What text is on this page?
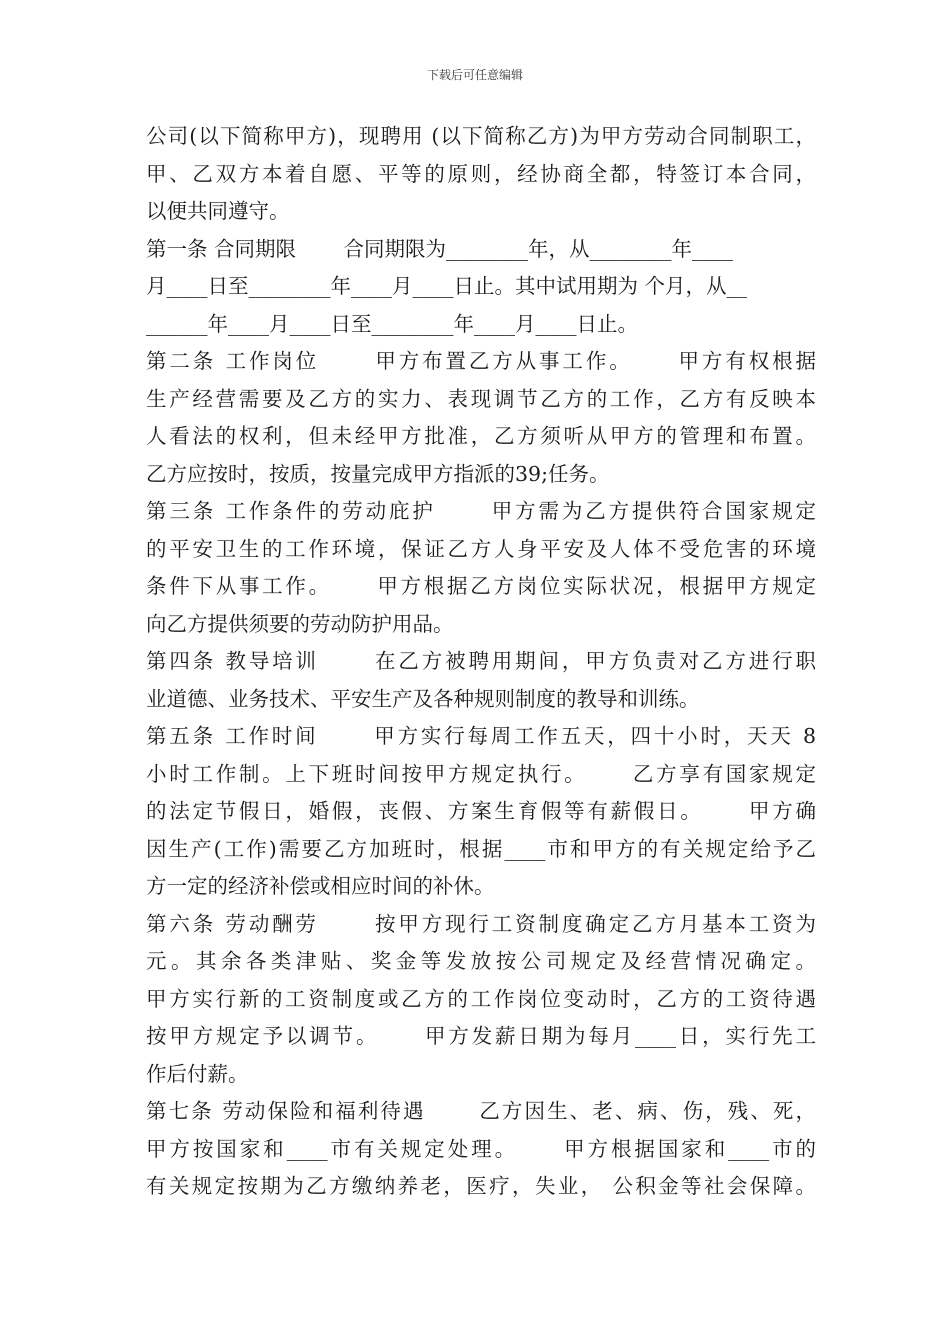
下载后可任意编辑
公司(以下简称甲方)，现聘用 (以下简称乙方)为甲方劳动合同制职工，
甲、乙双方本着自愿、平等的原则，经协商全都，特签订本合同，
以便共同遵守。
第一条 合同期限　　 合同期限为________年，从________年____
月____日至________年____月____日止。其中试用期为 个月，从__
______年____月____日至________年____月____日止。
第二条 工作岗位　　 甲方布置乙方从事工作。　　 甲方有权根据
生产经营需要及乙方的实力、表现调节乙方的工作，乙方有反映本
人看法的权利，但未经甲方批准，乙方须听从甲方的管理和布置。
乙方应按时，按质，按量完成甲方指派的39;任务。
第三条 工作条件的劳动庇护　　 甲方需为乙方提供符合国家规定
的平安卫生的工作环境，保证乙方人身平安及人体不受危害的环境
条件下从事工作。　　 甲方根据乙方岗位实际状况，根据甲方规定
向乙方提供须要的劳动防护用品。
第四条 教导培训　　 在乙方被聘用期间，甲方负责对乙方进行职
业道德、业务技术、平安生产及各种规则制度的教导和训练。
第五条 工作时间　　 甲方实行每周工作五天，四十小时，天天 8
小时工作制。上下班时间按甲方规定执行。　　 乙方享有国家规定
的法定节假日，婚假，丧假、方案生育假等有薪假日。　　 甲方确
因生产(工作)需要乙方加班时，根据____市和甲方的有关规定给予乙
方一定的经济补偿或相应时间的补休。
第六条 劳动酬劳　　 按甲方现行工资制度确定乙方月基本工资为
元。其余各类津贴、奖金等发放按公司规定及经营情况确定。
甲方实行新的工资制度或乙方的工作岗位变动时，乙方的工资待遇
按甲方规定予以调节。　　 甲方发薪日期为每月____日，实行先工
作后付薪。
第七条 劳动保险和福利待遇　　 乙方因生、老、病、伤，残、死，
甲方按国家和____市有关规定处理。　　 甲方根据国家和____市的
有关规定按期为乙方缴纳养老，医疗，失业， 公积金等社会保障。
